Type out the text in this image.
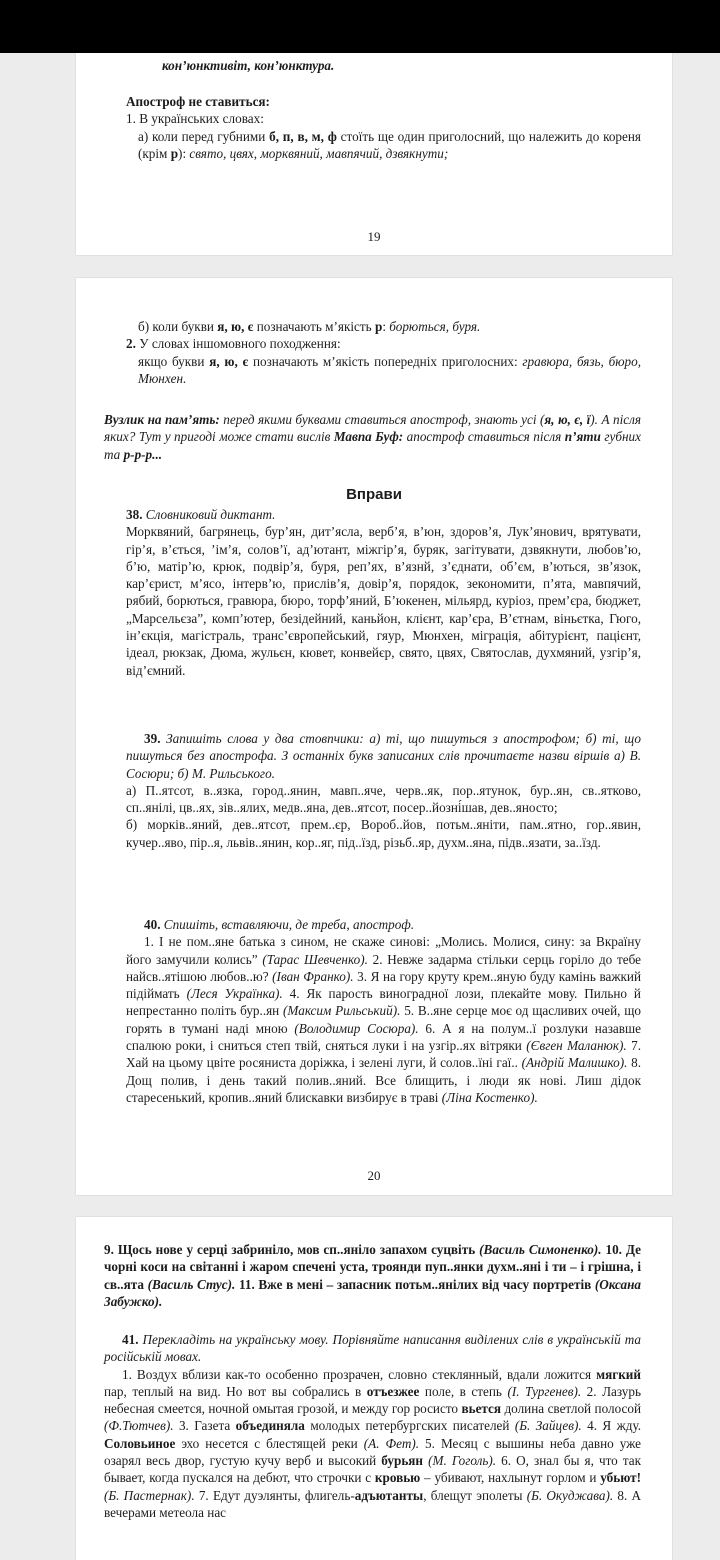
кон’юнктивіт, кон’юнктура.

Апостроф не ставиться:

1. В українських словах:

а) коли перед губними б, п, в, м, ф стоїть ще один приголосний, що належить до кореня (крім р): свято, цвях, морквяний, мавпячий, дзвякнути;

19

б) коли букви я, ю, є позначають м’якість р: борються, буря.

2. У словах іншомовного походження:

якщо букви я, ю, є позначають м’якість попередніх приголосних: гравюра, бязь, бюро, Мюнхен.

Вузлик на пам’ять: перед якими буквами ставиться апостроф, знають усі (я, ю, є, ї). А після яких? Тут у пригоді може стати вислів Мавпа Буф: апостроф ставиться після п’яти губних та р-р-р...

Вправи

38. Словниковий диктант.

Морквяний, багрянець, бур’ян, дит’ясла, верб’я, в’юн, здоров’я, Лук’янович, врятувати, гір’я, в’ється, ’ім’я, солов’ї, ад’ютант, міжгір’я, буряк, загітувати, дзвякнути, любов’ю, б’ю, матір’ю, крюк, подвір’я, буря, реп’ях, в’язнй, з’єднати, об’єм, в’ються, зв’язок, кар’єрист, м’ясо, інтерв’ю, прислів’я, довір’я, порядок, зекономити, п’ята, мавпячий, рябий, борються, гравюра, бюро, торф’яний, Б’юкенен, мільярд, куріоз, прем’єра, бюджет, „Марсельєза”, комп’ютер, безідейний, каньйон, клієнт, кар’єра, В’єтнам, віньєтка, Гюго, ін’єкція, магістраль, транс’європейський, гяур, Мюнхен, міграція, абітурієнт, пацієнт, ідеал, рюкзак, Дюма, жульєн, кювет, конвейєр, свято, цвях, Святослав, духмяний, узгір’я, від’ємний.

39. Запишіть слова у два стовпчики: а) ті, що пишуться з апострофом; б) ті, що пишуться без апострофа. З останніх букв записаних слів прочитаєте назви віршів а) В. Сосюри; б) М. Рильського.

а) П..ятсот, в..язка, город..янин, мавп..яче, черв..як, пор..ятунок, бур..ян, св..ятково, сп..янілі, цв..ях, зів..ялих, медв..яна, дев..ятсот, посер..йозні́шав, дев..яносто;

б) морків..яний, дев..ятсот, прем..єр, Вороб..йов, потьм..яніти, пам..ятно, гор..явин, кучер..яво, пір..я, львів..янин, кор..яг, під..їзд, різьб..яр, духм..яна, підв..язати, за..їзд.

40. Спишіть, вставляючи, де треба, апостроф.

1. І не пом..яне батька з сином, не скаже синові: „Молись. Молися, сину: за Вкраїну його замучили колись” (Тарас Шевченко). 2. Невже задарма стільки серць горіло до тебе найсв..ятішою любов..ю? (Іван Франко). 3. Я на гору круту крем..яную буду камінь важкий підіймать (Леся Українка). 4. Як парость виноградної лози, плекайте мову. Пильно й непрестанно політь бур..ян (Максим Рильський). 5. В..яне серце моє од щасливих очей, що горять в тумані наді мною (Володимир Сосюра). 6. А я на полум..ї розлуки назавше спалюю роки, і сниться степ твій, сняться луки і на узгір..ях вітряки (Євген Маланюк). 7. Хай на цьому цвіте росяниста доріжка, і зелені луги, й солов..їні гаї.. (Андрій Малишко). 8. Дощ полив, і день такий полив..яний. Все блищить, і люди як нові. Лиш дідок старесенький, кропив..яний блискавки визбирує в траві (Ліна Костенко).

20

9. Щось нове у серці забриніло, мов сп..яніло запахом суцвіть (Василь Симоненко). 10. Де чорні коси на світанні і жаром спечені уста, троянди пуп..янки духм..яні і ти – і грішна, і св..ята (Василь Стус). 11. Вже в мені – запасник потьм..янілих від часу портретів (Оксана Забужко).

41. Перекладіть на українську мову. Порівняйте написання виділених слів в українській та російській мовах.

1. Воздух вблизи как-то особенно прозрачен, словно стеклянный, вдали ложится мягкий пар, теплый на вид. Но вот вы собрались в отъезжее поле, в степь (І. Тургенев). 2. Лазурь небесная смеется, ночной омытая грозой, и между гор росисто вьется долина светлой полосой (Ф.Тютчев). 3. Газета объединяла молодых петербургских писателей (Б. Зайцев). 4. Я жду. Соловьиное эхо несется с блестящей реки (А. Фет). 5. Месяц с вышины неба давно уже озарял весь двор, густую кучу верб и высокий бурьян (М. Гоголь). 6. О, знал бы я, что так бывает, когда пускался на дебют, что строчки с кровью – убивают, нахлынут горлом и убьют! (Б. Пастернак). 7. Едут дуэлянты, флигель-адъютанты, блещут эполеты (Б. Окуджава). 8. А вечерами метеола нас
